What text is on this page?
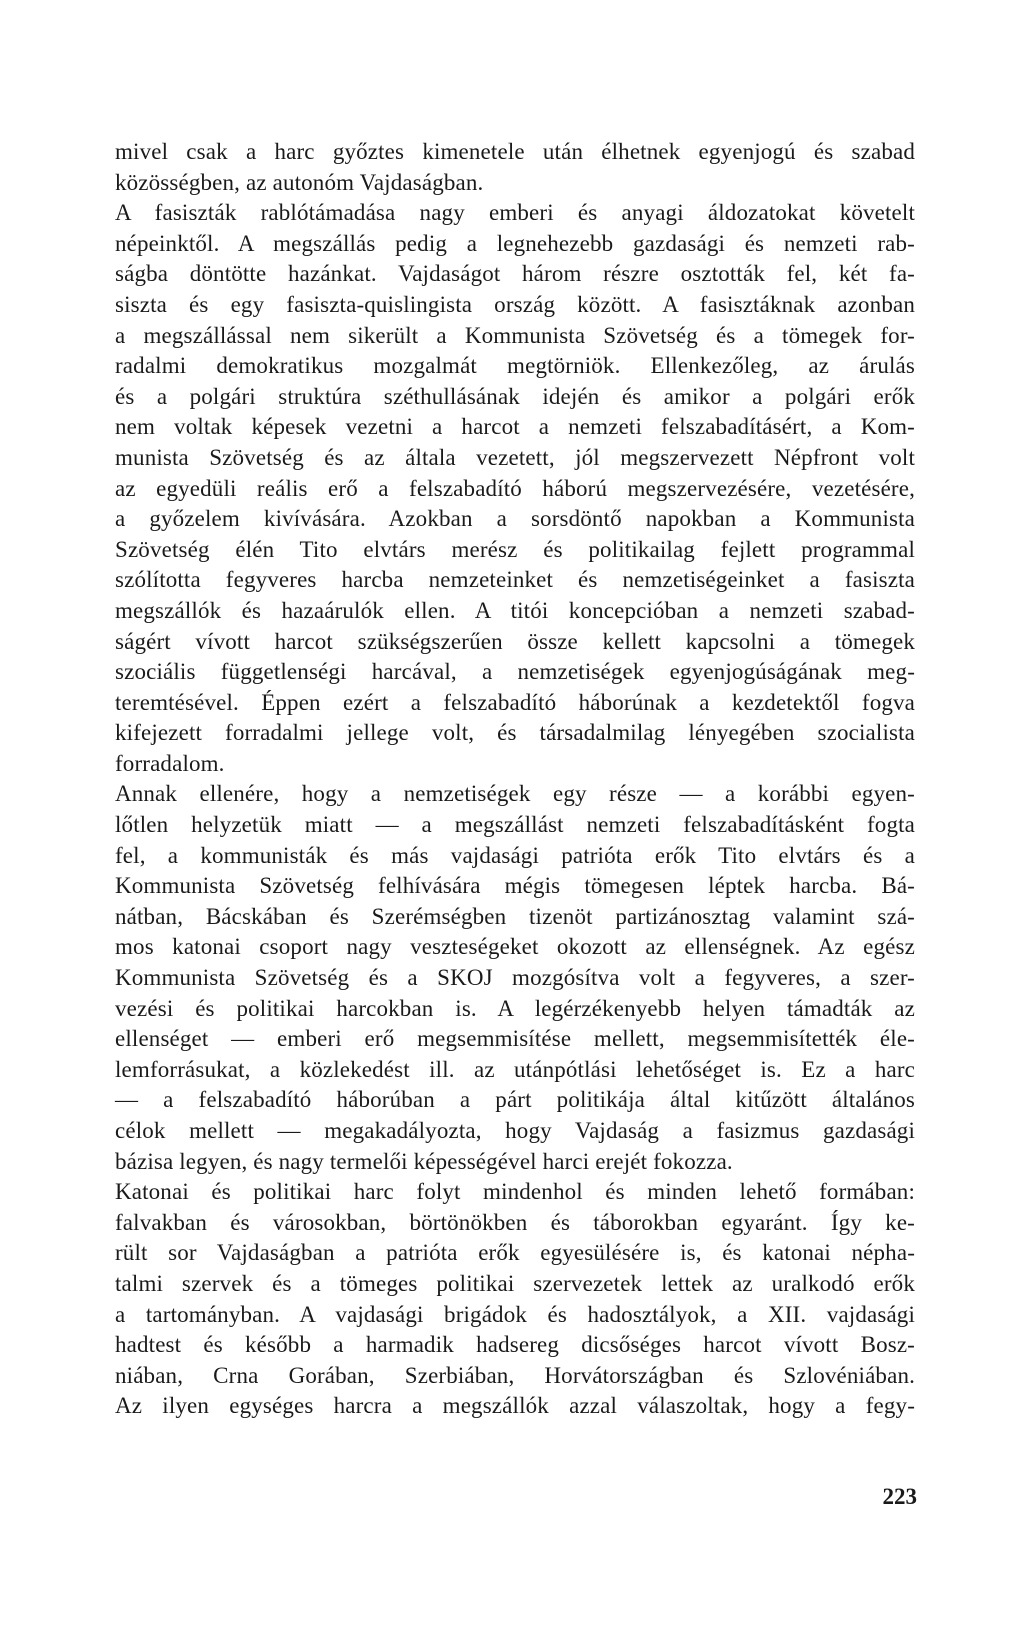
mivel csak a harc győztes kimenetele után élhetnek egyenjogú és szabad
közösségben, az autonóm Vajdaságban.
A fasiszták rablótámadása nagy emberi és anyagi áldozatokat követelt
népeinktől. A megszállás pedig a legnehezebb gazdasági és nemzeti rab-
ságba döntötte hazánkat. Vajdaságot három részre osztották fel, két fa-
siszta és egy fasiszta-quislingista ország között. A fasisztáknak azonban
a megszállással nem sikerült a Kommunista Szövetség és a tömegek for-
radalmi demokratikus mozgalmát megtörniök. Ellenkezőleg, az árulás
és a polgári struktúra széthullásának idején és amikor a polgári erők
nem voltak képesek vezetni a harcot a nemzeti felszabadításért, a Kom-
munista Szövetség és az általa vezetett, jól megszervezett Népfront volt
az egyedüli reális erő a felszabadító háború megszervezésére, vezetésére,
a győzelem kivívására. Azokban a sorsdöntő napokban a Kommunista
Szövetség élén Tito elvtárs merész és politikailag fejlett programmal
szólította fegyveres harcba nemzeteinket és nemzetiségeinket a fasiszta
megszállók és hazaárulók ellen. A titói koncepcióban a nemzeti szabad-
ságért vívott harcot szükségszerűen össze kellett kapcsolni a tömegek
szociális függetlenségi harcával, a nemzetiségek egyenjogúságának meg-
teremtésével. Éppen ezért a felszabadító háborúnak a kezdetektől fogva
kifejezett forradalmi jellege volt, és társadalmilag lényegében szocialista
forradalom.
Annak ellenére, hogy a nemzetiségek egy része — a korábbi egyen-
lőtlen helyzetük miatt — a megszállást nemzeti felszabadításként fogta
fel, a kommunisták és más vajdasági patrióta erők Tito elvtárs és a
Kommunista Szövetség felhívására mégis tömegesen léptek harcba. Bá-
nátban, Bácskában és Szerémségben tizenöt partizánosztag valamint szá-
mos katonai csoport nagy veszteségeket okozott az ellenségnek. Az egész
Kommunista Szövetség és a SKOJ mozgósítva volt a fegyveres, a szer-
vezési és politikai harcokban is. A legérzékenyebb helyen támadták az
ellenséget — emberi erő megsemmisítése mellett, megsemmisítették éle-
lemforrásukat, a közlekedést ill. az utánpótlási lehetőséget is. Ez a harc
— a felszabadító háborúban a párt politikája által kitűzött általános
célok mellett — megakadályozta, hogy Vajdaság a fasizmus gazdasági
bázisa legyen, és nagy termelői képességével harci erejét fokozza.
Katonai és politikai harc folyt mindenhol és minden lehető formában:
falvakban és városokban, börtönökben és táborokban egyaránt. Így ke-
rült sor Vajdaságban a patrióta erők egyesülésére is, és katonai népha-
talmi szervek és a tömeges politikai szervezetek lettek az uralkodó erők
a tartományban. A vajdasági brigádok és hadosztályok, a XII. vajdasági
hadtest és később a harmadik hadsereg dicsőséges harcot vívott Bosz-
niában, Crna Gorában, Szerbiában, Horvátországban és Szlovéniában.
Az ilyen egységes harcra a megszállók azzal válaszoltak, hogy a fegy-
223
